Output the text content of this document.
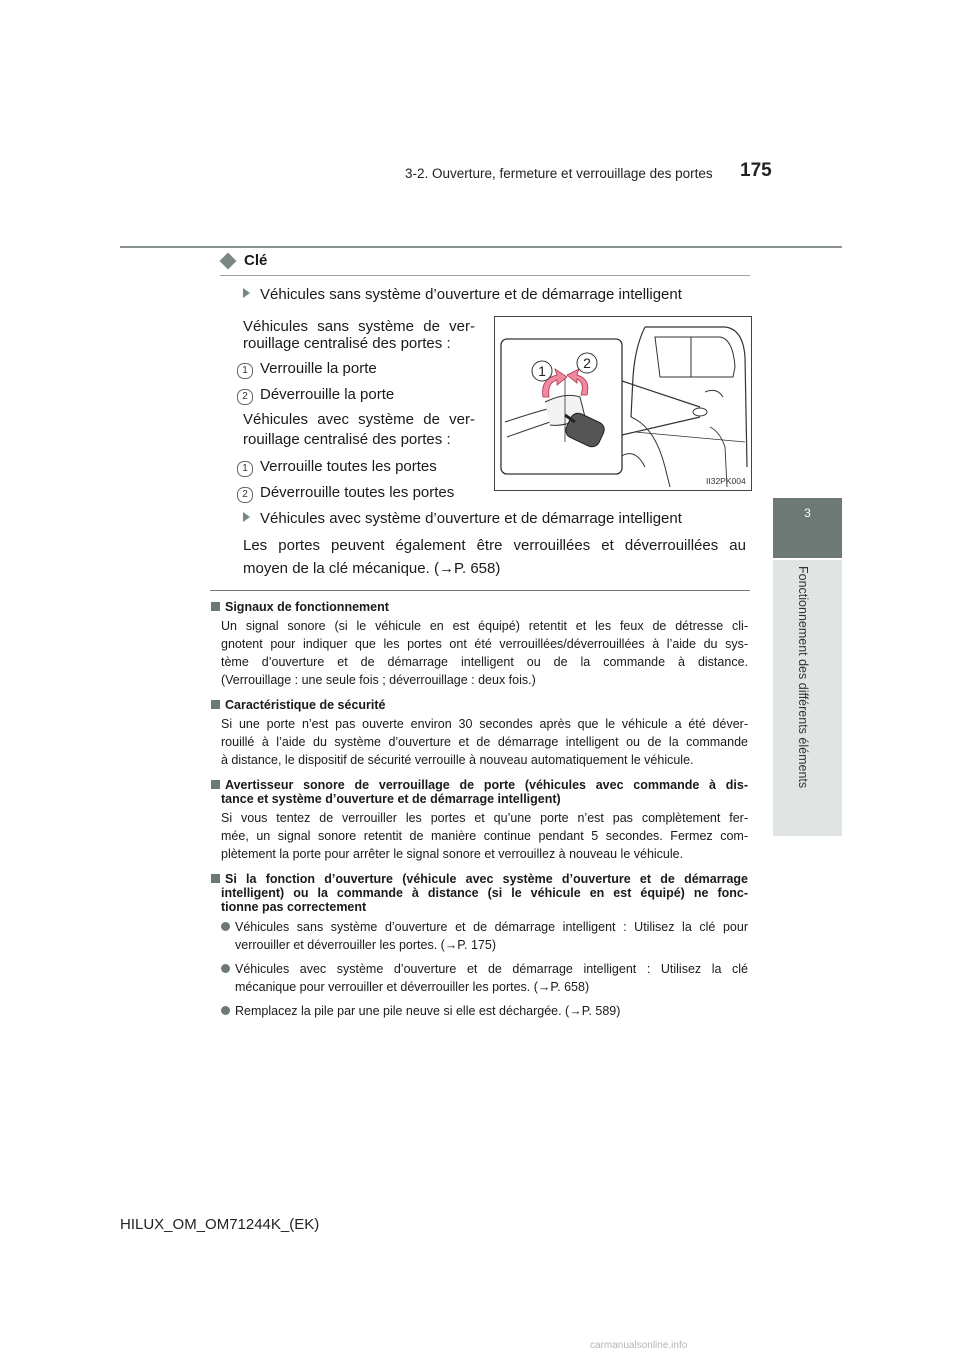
3-2. Ouverture, fermeture et verrouillage des portes 175
3
Fonctionnement des différents éléments
Clé
Véhicules sans système d’ouverture et de démarrage intelligent
Véhicules sans système de ver-
rouillage centralisé des portes :
1 Verrouille la porte
2 Déverrouille la porte
Véhicules avec système de ver-
rouillage centralisé des portes :
1 Verrouille toutes les portes
2 Déverrouille toutes les portes
1	2
II32PK004
Véhicules avec système d’ouverture et de démarrage intelligent
Les portes peuvent également être verrouillées et déverrouillées au
moyen de la clé mécanique. (→P. 658)
Signaux de fonctionnement
Un signal sonore (si le véhicule en est équipé) retentit et les feux de détresse cli-
gnotent pour indiquer que les portes ont été verrouillées/déverrouillées à l’aide du sys-
tème d’ouverture et de démarrage intelligent ou de la commande à distance.
(Verrouillage : une seule fois ; déverrouillage : deux fois.)
Caractéristique de sécurité
Si une porte n’est pas ouverte environ 30 secondes après que le véhicule a été déver-
rouillé à l’aide du système d’ouverture et de démarrage intelligent ou de la commande
à distance, le dispositif de sécurité verrouille à nouveau automatiquement le véhicule.
Avertisseur sonore de verrouillage de porte (véhicules avec commande à dis-
tance et système d’ouverture et de démarrage intelligent)
Si vous tentez de verrouiller les portes et qu’une porte n’est pas complètement fer-
mée, un signal sonore retentit de manière continue pendant 5 secondes. Fermez com-
plètement la porte pour arrêter le signal sonore et verrouillez à nouveau le véhicule.
Si la fonction d’ouverture (véhicule avec système d’ouverture et de démarrage
intelligent) ou la commande à distance (si le véhicule en est équipé) ne fonc-
tionne pas correctement
Véhicules sans système d’ouverture et de démarrage intelligent : Utilisez la clé pour
verrouiller et déverrouiller les portes. (→P. 175)
Véhicules avec système d’ouverture et de démarrage intelligent : Utilisez la clé
mécanique pour verrouiller et déverrouiller les portes. (→P. 658)
Remplacez la pile par une pile neuve si elle est déchargée. (→P. 589)
HILUX_OM_OM71244K_(EK)
carmanualsonline.info
